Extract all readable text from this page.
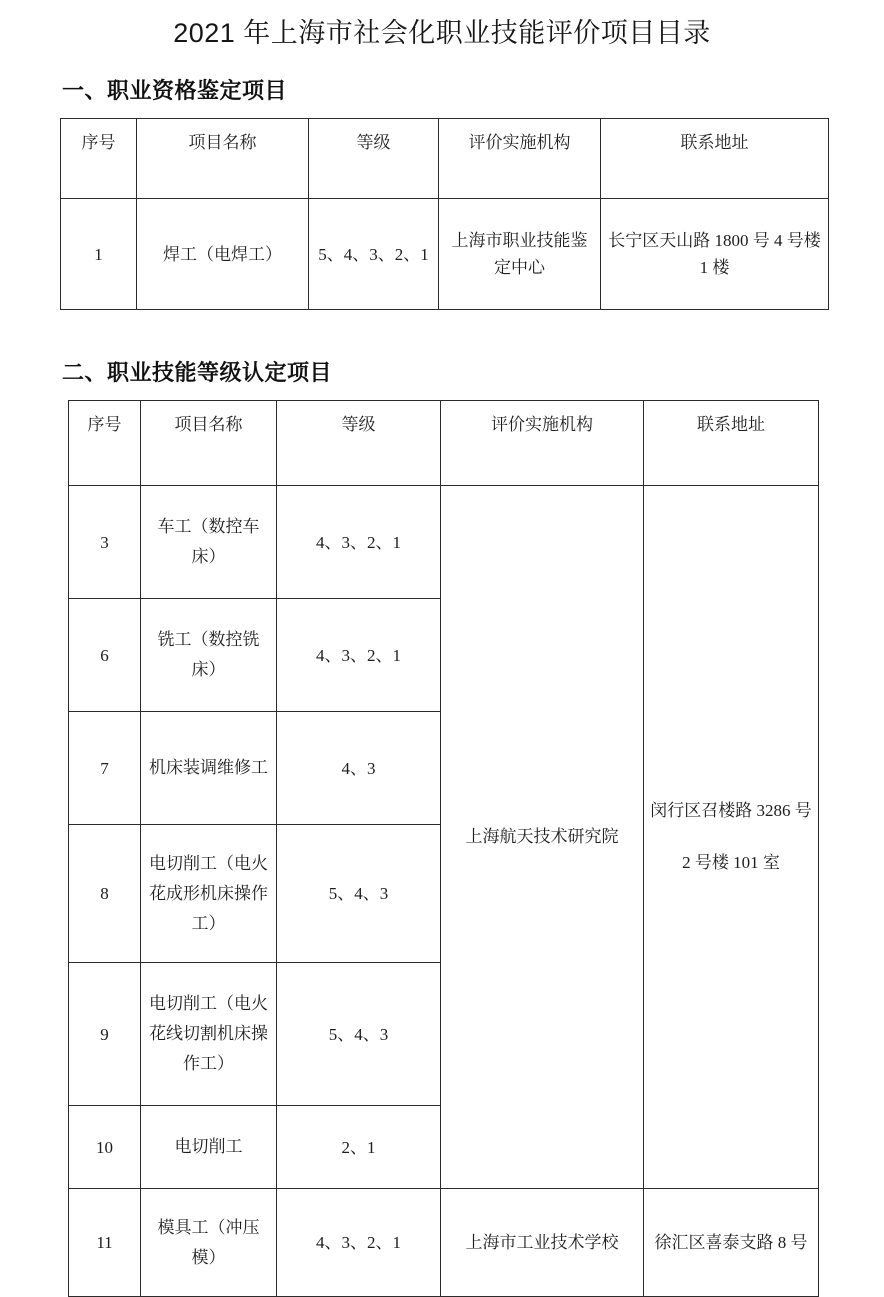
2021 年上海市社会化职业技能评价项目目录
一、职业资格鉴定项目
序号	项目名称	等级	评价实施机构	联系地址
1	焊工（电焊工）	5、4、3、2、1	上海市职业技能鉴定中心	长宁区天山路 1800 号 4 号楼 1 楼
二、职业技能等级认定项目
序号	项目名称	等级	评价实施机构	联系地址
3	车工（数控车床）	4、3、2、1	上海航天技术研究院	闵行区召楼路 3286 号 2 号楼 101 室
6	铣工（数控铣床）	4、3、2、1		
7	机床装调维修工	4、3		
8	电切削工（电火花成形机床操作工）	5、4、3		
9	电切削工（电火花线切割机床操作工）	5、4、3		
10	电切削工	2、1		
11	模具工（冲压模）	4、3、2、1	上海市工业技术学校	徐汇区喜泰支路 8 号
